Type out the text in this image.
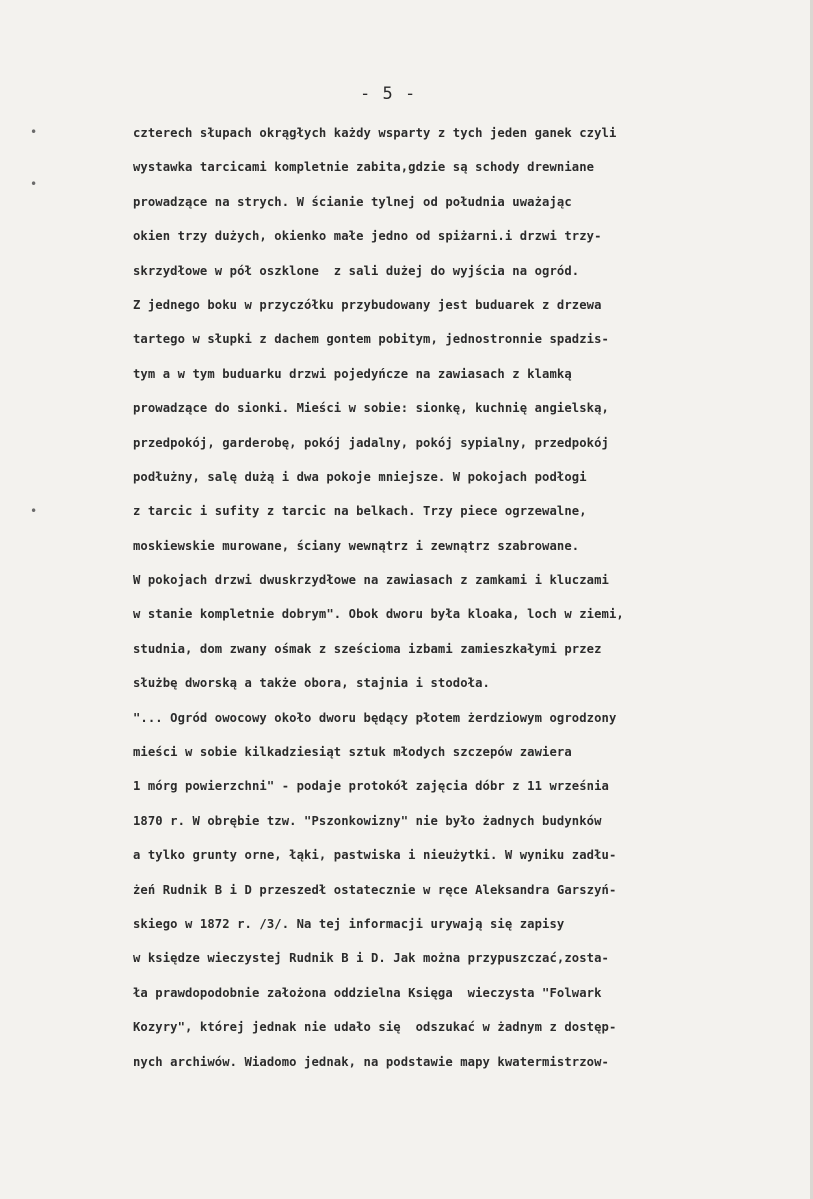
- 5 -
•
•
•
czterech słupach okrągłych każdy wsparty z tych jeden ganek czyli
wystawka tarcicami kompletnie zabita,gdzie są schody drewniane
prowadzące na strych. W ścianie tylnej od południa uważając
okien trzy dużych, okienko małe jedno od spiżarni.i drzwi trzy-
skrzydłowe w pół oszklone  z sali dużej do wyjścia na ogród.
Z jednego boku w przyczółku przybudowany jest buduarek z drzewa
tartego w słupki z dachem gontem pobitym, jednostronnie spadzis-
tym a w tym buduarku drzwi pojedyńcze na zawiasach z klamką
prowadzące do sionki. Mieści w sobie: sionkę, kuchnię angielską,
przedpokój, garderobę, pokój jadalny, pokój sypialny, przedpokój
podłużny, salę dużą i dwa pokoje mniejsze. W pokojach podłogi
z tarcic i sufity z tarcic na belkach. Trzy piece ogrzewalne,
moskiewskie murowane, ściany wewnątrz i zewnątrz szabrowane.
W pokojach drzwi dwuskrzydłowe na zawiasach z zamkami i kluczami
w stanie kompletnie dobrym". Obok dworu była kloaka, loch w ziemi,
studnia, dom zwany ośmak z sześcioma izbami zamieszkałymi przez
służbę dworską a także obora, stajnia i stodoła.
"... Ogród owocowy około dworu będący płotem żerdziowym ogrodzony
mieści w sobie kilkadziesiąt sztuk młodych szczepów zawiera
1 mórg powierzchni" - podaje protokół zajęcia dóbr z 11 września
1870 r. W obrębie tzw. "Pszonkowizny" nie było żadnych budynków
a tylko grunty orne, łąki, pastwiska i nieużytki. W wyniku zadłu-
żeń Rudnik B i D przeszedł ostatecznie w ręce Aleksandra Garszyń-
skiego w 1872 r. /3/. Na tej informacji urywają się zapisy
w księdze wieczystej Rudnik B i D. Jak można przypuszczać,zosta-
ła prawdopodobnie założona oddzielna Księga  wieczysta "Folwark
Kozyry", której jednak nie udało się  odszukać w żadnym z dostęp-
nych archiwów. Wiadomo jednak, na podstawie mapy kwatermistrzow-
